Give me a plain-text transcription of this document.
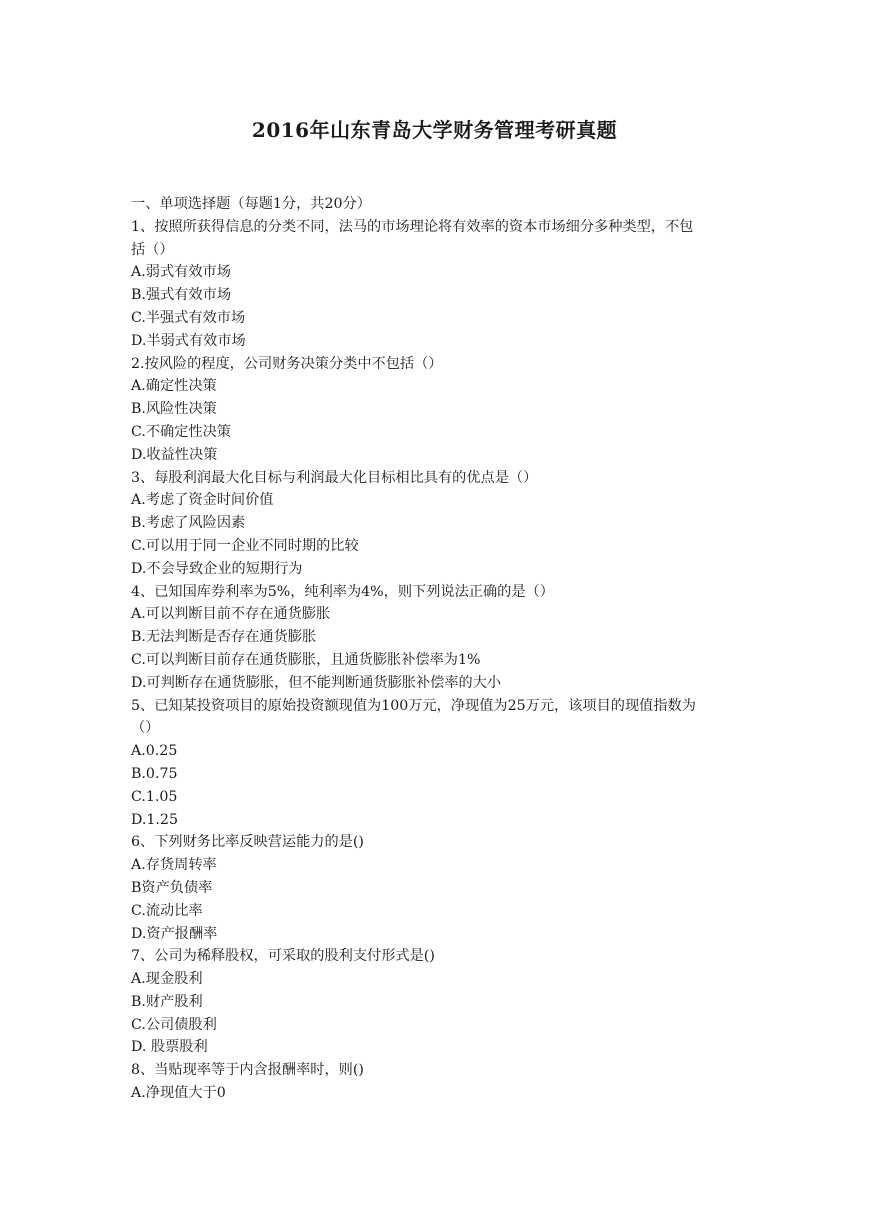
2016年山东青岛大学财务管理考研真题
一、单项选择题（每题1分，共20分）
1、按照所获得信息的分类不同，法马的市场理论将有效率的资本市场细分多种类型，不包
括（）
A.弱式有效市场
B.强式有效市场
C.半强式有效市场
D.半弱式有效市场
2.按风险的程度，公司财务决策分类中不包括（）
A.确定性决策
B.风险性决策
C.不确定性决策
D.收益性决策
3、每股利润最大化目标与利润最大化目标相比具有的优点是（）
A.考虑了资金时间价值
B.考虑了风险因素
C.可以用于同一企业不同时期的比较
D.不会导致企业的短期行为
4、已知国库券利率为5%，纯利率为4%，则下列说法正确的是（）
A.可以判断目前不存在通货膨胀
B.无法判断是否存在通货膨胀
C.可以判断目前存在通货膨胀，且通货膨胀补偿率为1%
D.可判断存在通货膨胀，但不能判断通货膨胀补偿率的大小
5、已知某投资项目的原始投资额现值为100万元，净现值为25万元，该项目的现值指数为
（）
A.0.25
B.0.75
C.1.05
D.1.25
6、下列财务比率反映营运能力的是()
A.存货周转率
B资产负债率
C.流动比率
D.资产报酬率
7、公司为稀释股权，可采取的股利支付形式是()
A.现金股利
B.财产股利
C.公司债股利
D. 股票股利
8、当贴现率等于内含报酬率时，则()
A.净现值大于0
